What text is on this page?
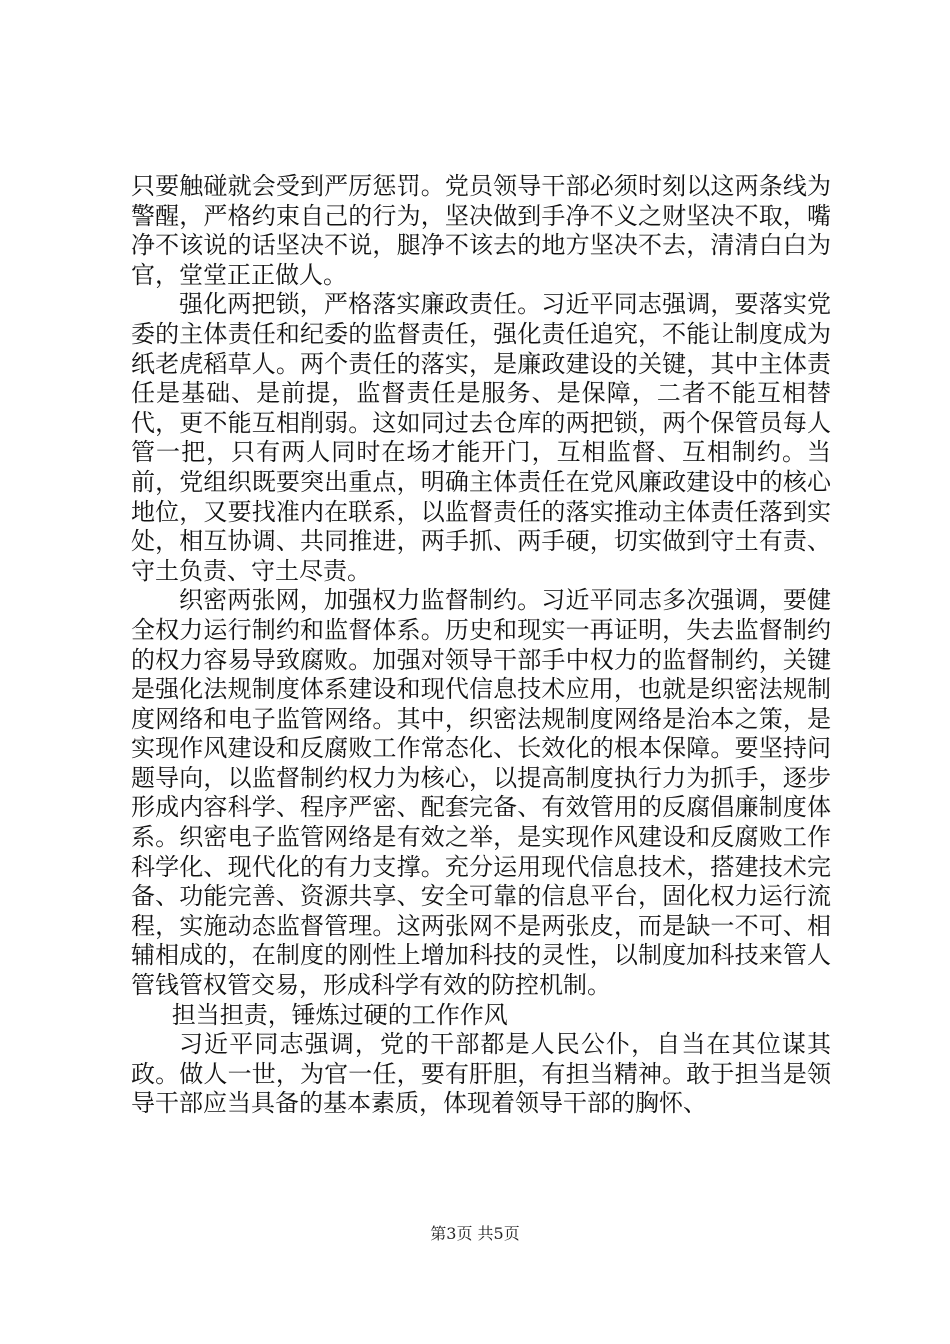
只要触碰就会受到严厉惩罚。党员领导干部必须时刻以这两条线为警醒，严格约束自己的行为，坚决做到手净不义之财坚决不取，嘴净不该说的话坚决不说，腿净不该去的地方坚决不去，清清白白为官，堂堂正正做人。

强化两把锁，严格落实廉政责任。习近平同志强调，要落实党委的主体责任和纪委的监督责任，强化责任追究，不能让制度成为纸老虎稻草人。两个责任的落实，是廉政建设的关键，其中主体责任是基础、是前提，监督责任是服务、是保障，二者不能互相替代，更不能互相削弱。这如同过去仓库的两把锁，两个保管员每人管一把，只有两人同时在场才能开门，互相监督、互相制约。当前，党组织既要突出重点，明确主体责任在党风廉政建设中的核心地位，又要找准内在联系，以监督责任的落实推动主体责任落到实处，相互协调、共同推进，两手抓、两手硬，切实做到守土有责、守土负责、守土尽责。

织密两张网，加强权力监督制约。习近平同志多次强调，要健全权力运行制约和监督体系。历史和现实一再证明，失去监督制约的权力容易导致腐败。加强对领导干部手中权力的监督制约，关键是强化法规制度体系建设和现代信息技术应用，也就是织密法规制度网络和电子监管网络。其中，织密法规制度网络是治本之策，是实现作风建设和反腐败工作常态化、长效化的根本保障。要坚持问题导向，以监督制约权力为核心，以提高制度执行力为抓手，逐步形成内容科学、程序严密、配套完备、有效管用的反腐倡廉制度体系。织密电子监管网络是有效之举，是实现作风建设和反腐败工作科学化、现代化的有力支撑。充分运用现代信息技术，搭建技术完备、功能完善、资源共享、安全可靠的信息平台，固化权力运行流程，实施动态监督管理。这两张网不是两张皮，而是缺一不可、相辅相成的，在制度的刚性上增加科技的灵性，以制度加科技来管人管钱管权管交易，形成科学有效的防控机制。

担当担责，锤炼过硬的工作作风

习近平同志强调，党的干部都是人民公仆，自当在其位谋其政。做人一世，为官一任，要有肝胆，有担当精神。敢于担当是领导干部应当具备的基本素质，体现着领导干部的胸怀、

第3页 共5页
